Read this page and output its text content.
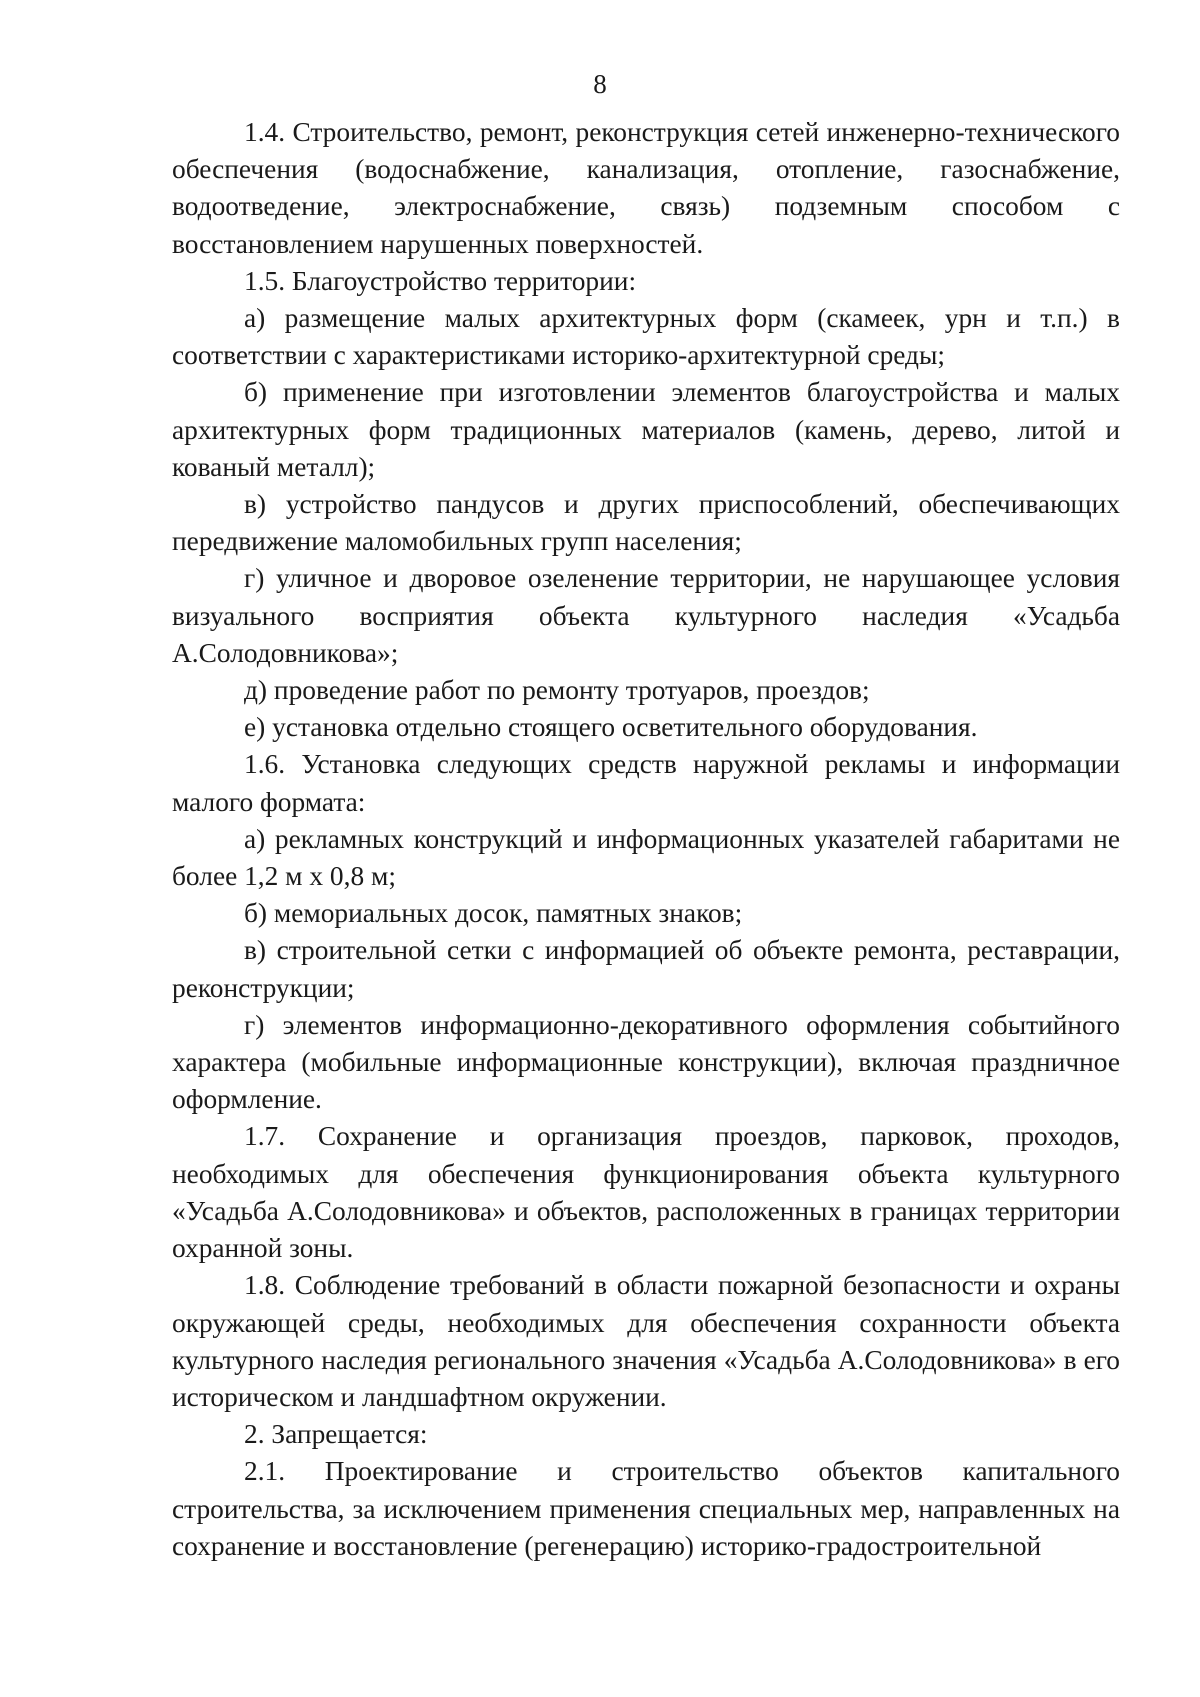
8

1.4. Строительство, ремонт, реконструкция сетей инженерно-технического обеспечения (водоснабжение, канализация, отопление, газоснабжение, водоотведение, электроснабжение, связь) подземным способом с восстановлением нарушенных поверхностей.

1.5. Благоустройство территории:

а) размещение малых архитектурных форм (скамеек, урн и т.п.) в соответствии с характеристиками историко-архитектурной среды;

б) применение при изготовлении элементов благоустройства и малых архитектурных форм традиционных материалов (камень, дерево, литой и кованый металл);

в) устройство пандусов и других приспособлений, обеспечивающих передвижение маломобильных групп населения;

г) уличное и дворовое озеленение территории, не нарушающее условия визуального восприятия объекта культурного наследия «Усадьба А.Солодовникова»;

д) проведение работ по ремонту тротуаров, проездов;

е) установка отдельно стоящего осветительного оборудования.

1.6. Установка следующих средств наружной рекламы и информации малого формата:

а) рекламных конструкций и информационных указателей габаритами не более 1,2 м х 0,8 м;

б) мемориальных досок, памятных знаков;

в) строительной сетки с информацией об объекте ремонта, реставрации, реконструкции;

г) элементов информационно-декоративного оформления событийного характера (мобильные информационные конструкции), включая праздничное оформление.

1.7. Сохранение и организация проездов, парковок, проходов, необходимых для обеспечения функционирования объекта культурного «Усадьба А.Солодовникова» и объектов, расположенных в границах территории охранной зоны.

1.8. Соблюдение требований в области пожарной безопасности и охраны окружающей среды, необходимых для обеспечения сохранности объекта культурного наследия регионального значения «Усадьба А.Солодовникова» в его историческом и ландшафтном окружении.

2. Запрещается:

2.1. Проектирование и строительство объектов капитального строительства, за исключением применения специальных мер, направленных на сохранение и восстановление (регенерацию) историко-градостроительной
